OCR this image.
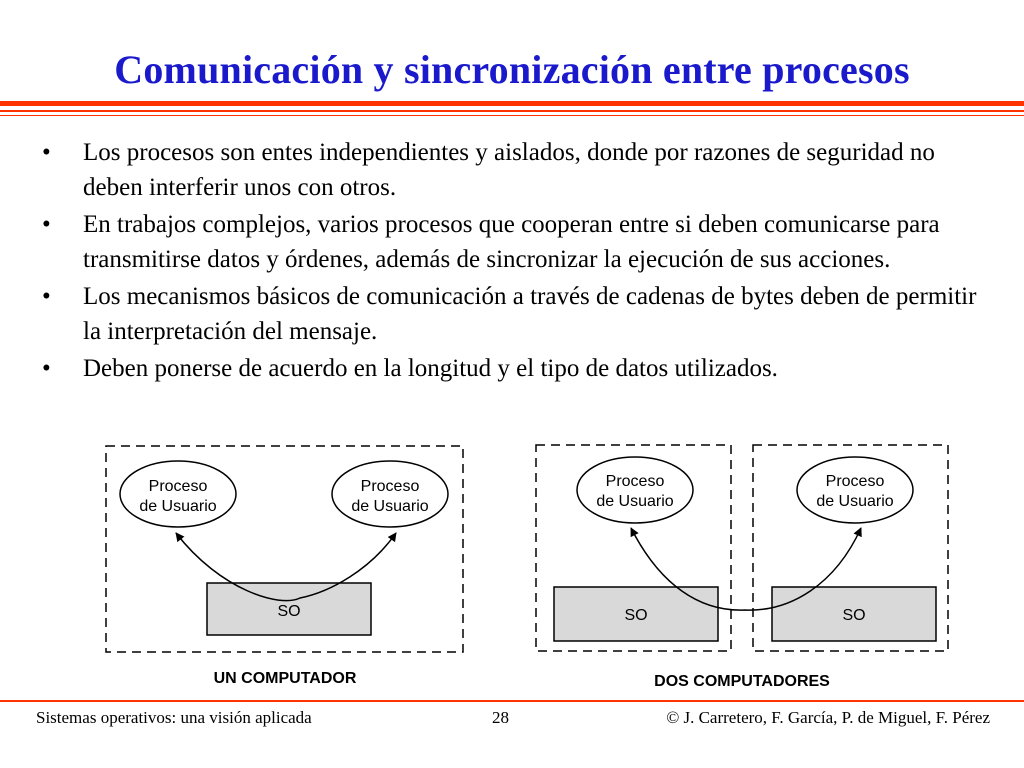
Comunicación y sincronización entre procesos
• Los procesos son entes independientes y aislados, donde por razones de seguridad no deben interferir unos con otros.
• En trabajos complejos, varios procesos que cooperan entre si deben comunicarse para transmitirse datos y órdenes, además de sincronizar la ejecución de sus acciones.
• Los mecanismos básicos de comunicación a través de cadenas de bytes deben de permitir la interpretación del mensaje.
• Deben ponerse de acuerdo en la longitud y el tipo de datos utilizados.
Proceso
de Usuario
Proceso
de Usuario
SO
UN COMPUTADOR
Proceso
de Usuario
Proceso
de Usuario
SO	SO
DOS COMPUTADORES
Sistemas operativos: una visión aplicada	28	© J. Carretero, F. García, P. de Miguel, F. Pérez
